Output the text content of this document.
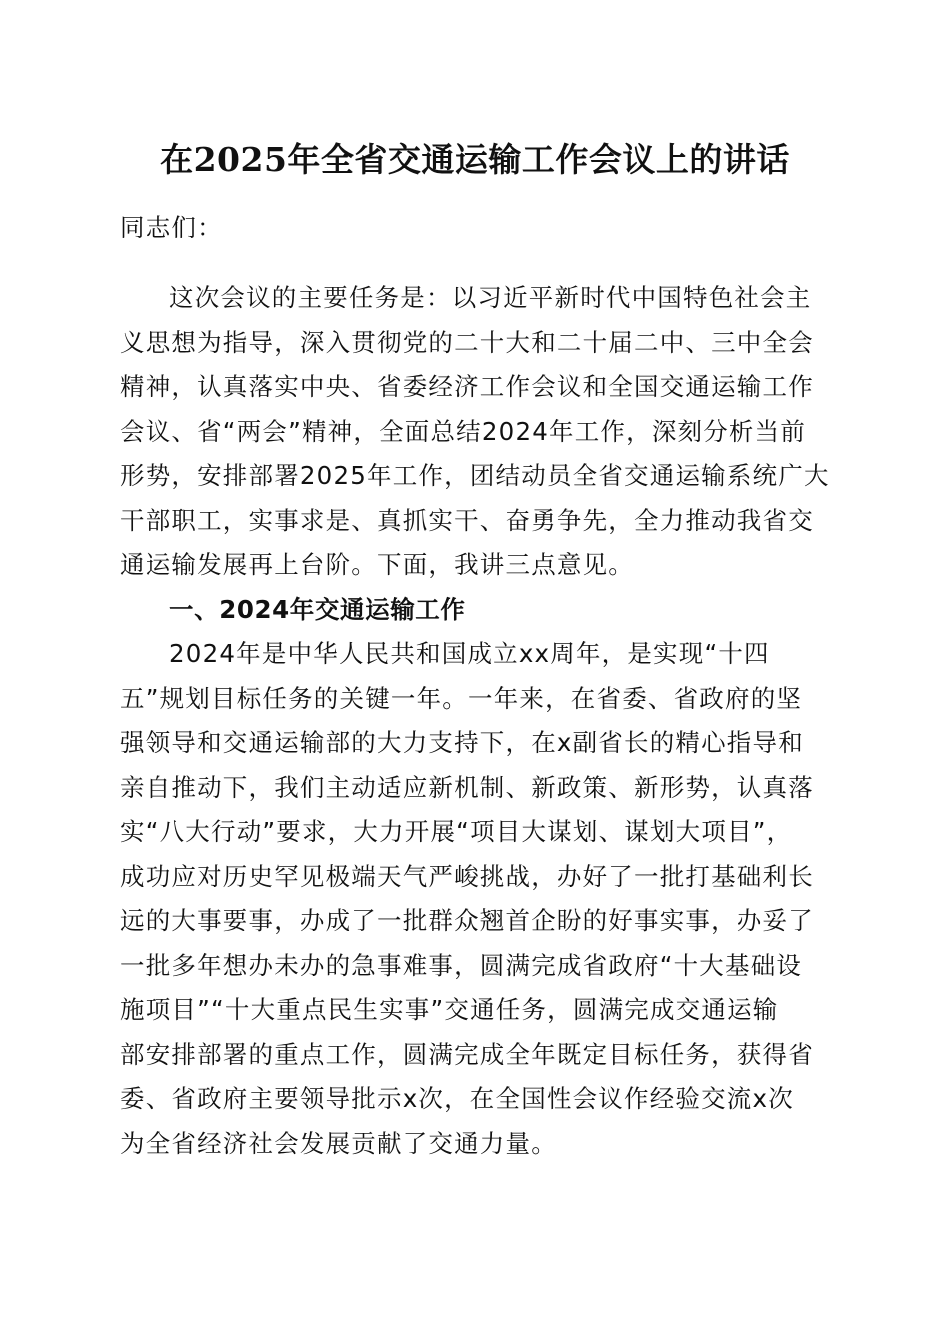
在2025年全省交通运输工作会议上的讲话
同志们：
这次会议的主要任务是：以习近平新时代中国特色社会主
义思想为指导，深入贯彻党的二十大和二十届二中、三中全会
精神，认真落实中央、省委经济工作会议和全国交通运输工作
会议、省“两会”精神，全面总结2024年工作，深刻分析当前
形势，安排部署2025年工作，团结动员全省交通运输系统广大
干部职工，实事求是、真抓实干、奋勇争先，全力推动我省交
通运输发展再上台阶。下面，我讲三点意见。
一、2024年交通运输工作
2024年是中华人民共和国成立xx周年，是实现“十四
五”规划目标任务的关键一年。一年来，在省委、省政府的坚
强领导和交通运输部的大力支持下，在x副省长的精心指导和
亲自推动下，我们主动适应新机制、新政策、新形势，认真落
实“八大行动”要求，大力开展“项目大谋划、谋划大项目”，
成功应对历史罕见极端天气严峻挑战，办好了一批打基础利长
远的大事要事，办成了一批群众翘首企盼的好事实事，办妥了
一批多年想办未办的急事难事，圆满完成省政府“十大基础设
施项目”“十大重点民生实事”交通任务，圆满完成交通运输
部安排部署的重点工作，圆满完成全年既定目标任务，获得省
委、省政府主要领导批示x次，在全国性会议作经验交流x次
为全省经济社会发展贡献了交通力量。
